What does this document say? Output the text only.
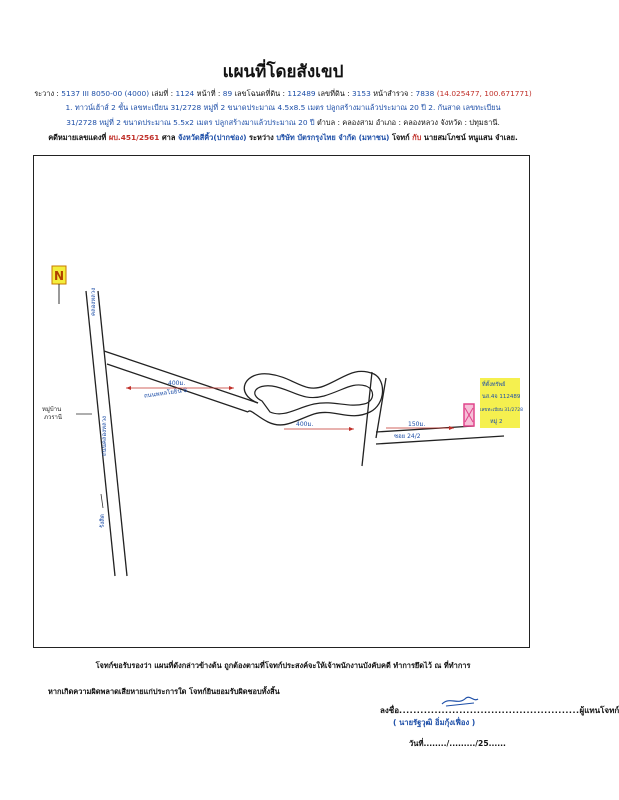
แผนที่โดยสังเขป
ระวาง : 5137 III 8050-00 (4000) เล่มที่ : 1124 หน้าที่ : 89 เลขโฉนดที่ดิน : 112489 เลขที่ดิน : 3153 หน้าสำรวจ : 7838 (14.025477, 100.671771)
1. ทาวน์เฮ้าส์ 2 ชั้น เลขทะเบียน 31/2728 หมู่ที่ 2 ขนาดประมาณ 4.5x8.5 เมตร ปลูกสร้างมาแล้วประมาณ 20 ปี 2. กันสาด เลขทะเบียน
31/2728 หมู่ที่ 2 ขนาดประมาณ 5.5x2 เมตร ปลูกสร้างมาแล้วประมาณ 20 ปี ตำบล : คลองสาม อำเภอ : คลองหลวง จังหวัด : ปทุมธานี.
คดีหมายเลขแดงที่ ผบ.451/2561 ศาล จังหวัดสีคิ้ว(ปากช่อง) ระหว่าง บริษัท บัตรกรุงไทย จำกัด (มหาชน) โจทก์ กับ นายสมโภชน์ หนูแสน จำเลย.
N
ถนนคลองหลวง
คลองหลวง
รังสิต
หมู่บ้านภวรานี
ถนนพหลโยธิน 8
400ม.
400ม.
ซอย 24/2
150ม.
ที่ตั้งทรัพย์
นส.4จ 112489
เลขทะเบียน 31/2728
หมู่ 2
โจทก์ขอรับรองว่า แผนที่ดังกล่าวข้างต้น ถูกต้องตามที่โจทก์ประสงค์จะให้เจ้าพนักงานบังคับคดี ทำการยึดไว้ ณ ที่ทำการ
หากเกิดความผิดพลาดเสียหายแก่ประการใด โจทก์ยินยอมรับผิดชอบทั้งสิ้น
ลงชื่อ...................................................ผู้แทนโจทก์
( นายรัฐวุฒิ อิ่มกุ้งเฟื่อง )
วันที่......../........./25......
